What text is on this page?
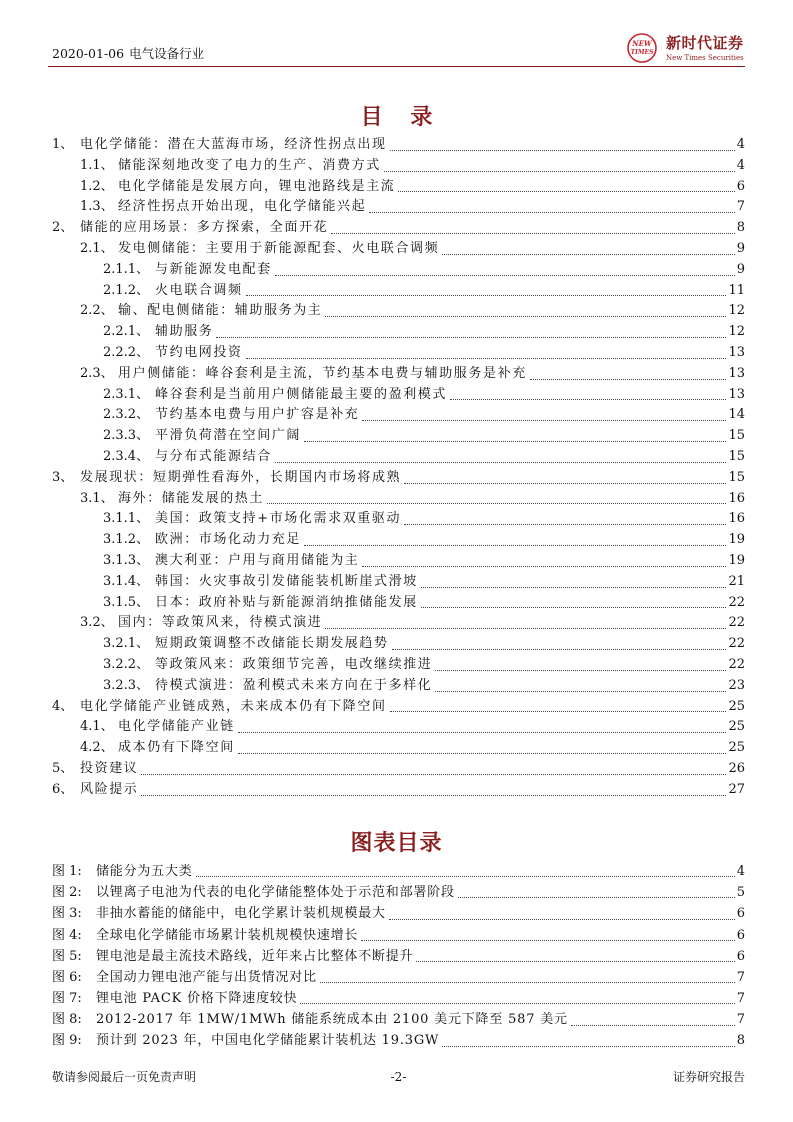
2020-01-06 电气设备行业
NEW
TIMES
新时代证券
New Times Securities
目 录
1、 电化学储能：潜在大蓝海市场，经济性拐点出现	4
1.1、 储能深刻地改变了电力的生产、消费方式	4
1.2、 电化学储能是发展方向，锂电池路线是主流	6
1.3、 经济性拐点开始出现，电化学储能兴起	7
2、 储能的应用场景：多方探索，全面开花	8
2.1、 发电侧储能：主要用于新能源配套、火电联合调频	9
2.1.1、 与新能源发电配套	9
2.1.2、 火电联合调频	11
2.2、 输、配电侧储能：辅助服务为主	12
2.2.1、 辅助服务	12
2.2.2、 节约电网投资	13
2.3、 用户侧储能：峰谷套利是主流，节约基本电费与辅助服务是补充	13
2.3.1、 峰谷套利是当前用户侧储能最主要的盈利模式	13
2.3.2、 节约基本电费与用户扩容是补充	14
2.3.3、 平滑负荷潜在空间广阔	15
2.3.4、 与分布式能源结合	15
3、 发展现状：短期弹性看海外，长期国内市场将成熟	15
3.1、 海外：储能发展的热土	16
3.1.1、 美国：政策支持+市场化需求双重驱动	16
3.1.2、 欧洲：市场化动力充足	19
3.1.3、 澳大利亚：户用与商用储能为主	19
3.1.4、 韩国：火灾事故引发储能装机断崖式滑坡	21
3.1.5、 日本：政府补贴与新能源消纳推储能发展	22
3.2、 国内：等政策风来，待模式演进	22
3.2.1、 短期政策调整不改储能长期发展趋势	22
3.2.2、 等政策风来：政策细节完善，电改继续推进	22
3.2.3、 待模式演进：盈利模式未来方向在于多样化	23
4、 电化学储能产业链成熟，未来成本仍有下降空间	25
4.1、 电化学储能产业链	25
4.2、 成本仍有下降空间	25
5、 投资建议	26
6、 风险提示	27
图表目录
图 1:	储能分为五大类	4
图 2:	以锂离子电池为代表的电化学储能整体处于示范和部署阶段	5
图 3:	非抽水蓄能的储能中，电化学累计装机规模最大	6
图 4:	全球电化学储能市场累计装机规模快速增长	6
图 5:	锂电池是最主流技术路线，近年来占比整体不断提升	6
图 6:	全国动力锂电池产能与出货情况对比	7
图 7:	锂电池 PACK 价格下降速度较快	7
图 8:	2012-2017 年 1MW/1MWh 储能系统成本由 2100 美元下降至 587 美元	7
图 9:	预计到 2023 年，中国电化学储能累计装机达 19.3GW	8
敬请参阅最后一页免责声明	-2-	证券研究报告
